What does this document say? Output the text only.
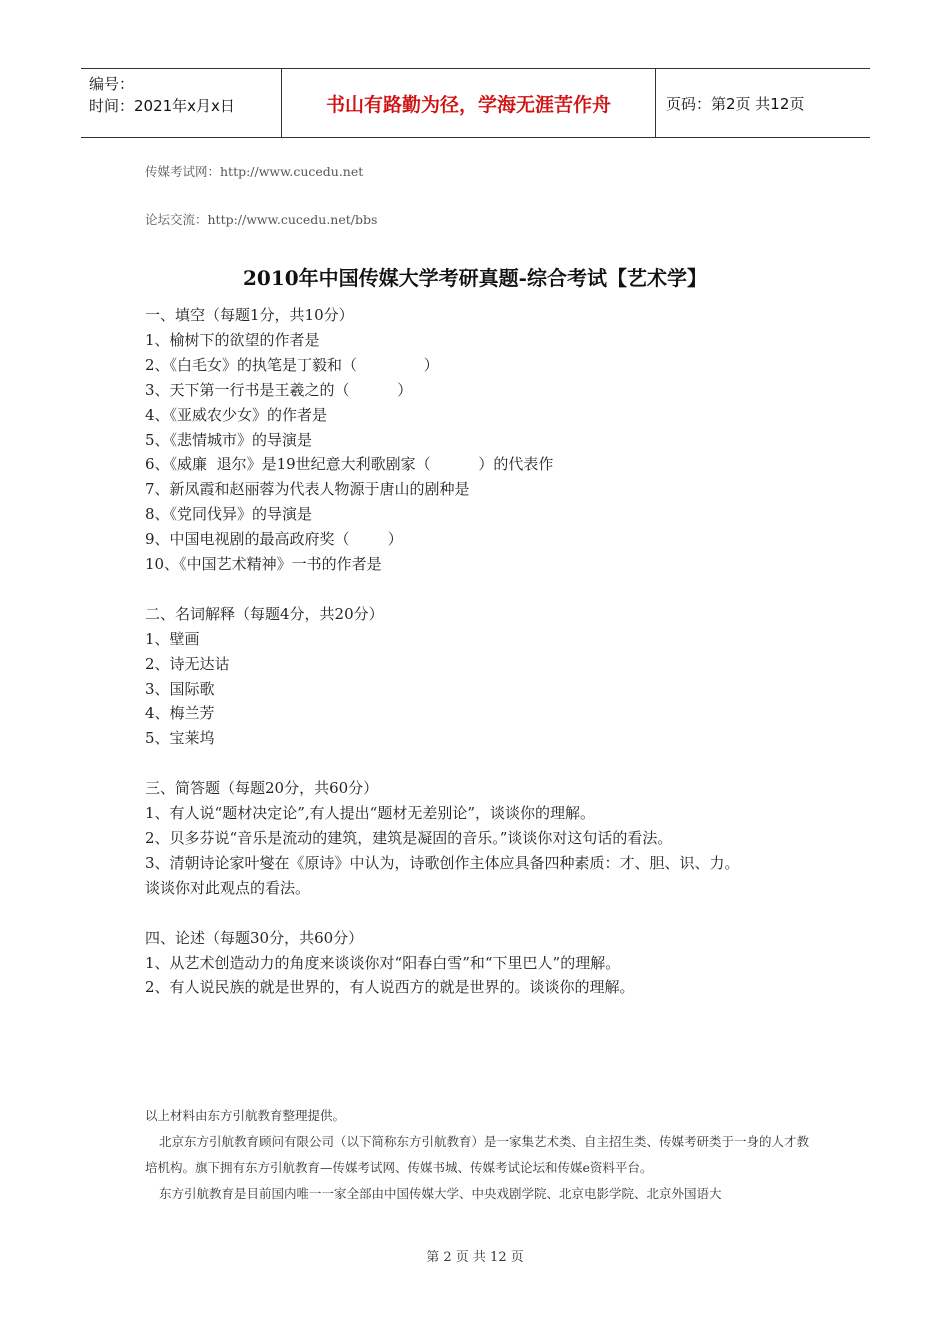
编号：
时间：2021年x月x日	书山有路勤为径，学海无涯苦作舟	页码：第2页 共12页
传媒考试网：http://www.cucedu.net
论坛交流：http://www.cucedu.net/bbs
2010年中国传媒大学考研真题-综合考试【艺术学】

一、填空（每题1分，共10分）

1、榆树下的欲望的作者是

2、《白毛女》的执笔是丁毅和（              ）

3、天下第一行书是王羲之的（          ）

4、《亚威农少女》的作者是

5、《悲情城市》的导演是

6、《威廉  退尔》是19世纪意大利歌剧家（          ）的代表作

7、新凤霞和赵丽蓉为代表人物源于唐山的剧种是

8、《党同伐异》的导演是

9、中国电视剧的最高政府奖（        ）

10、《中国艺术精神》一书的作者是

二、名词解释（每题4分，共20分）

1、壁画

2、诗无达诂

3、国际歌

4、梅兰芳

5、宝莱坞

三、简答题（每题20分，共60分）

1、有人说“题材决定论”,有人提出“题材无差别论”，谈谈你的理解。

2、贝多芬说“音乐是流动的建筑，建筑是凝固的音乐。”谈谈你对这句话的看法。

3、清朝诗论家叶燮在《原诗》中认为，诗歌创作主体应具备四种素质：才、胆、识、力。

谈谈你对此观点的看法。

四、论述（每题30分，共60分）

1、从艺术创造动力的角度来谈谈你对“阳春白雪”和“下里巴人”的理解。

2、有人说民族的就是世界的，有人说西方的就是世界的。谈谈你的理解。

以上材料由东方引航教育整理提供。

北京东方引航教育顾问有限公司（以下简称东方引航教育）是一家集艺术类、自主招生类、传媒考研类于一身的人才教培机构。旗下拥有东方引航教育—传媒考试网、传媒书城、传媒考试论坛和传媒e资料平台。

东方引航教育是目前国内唯一一家全部由中国传媒大学、中央戏剧学院、北京电影学院、北京外国语大

第 2 页 共 12 页
